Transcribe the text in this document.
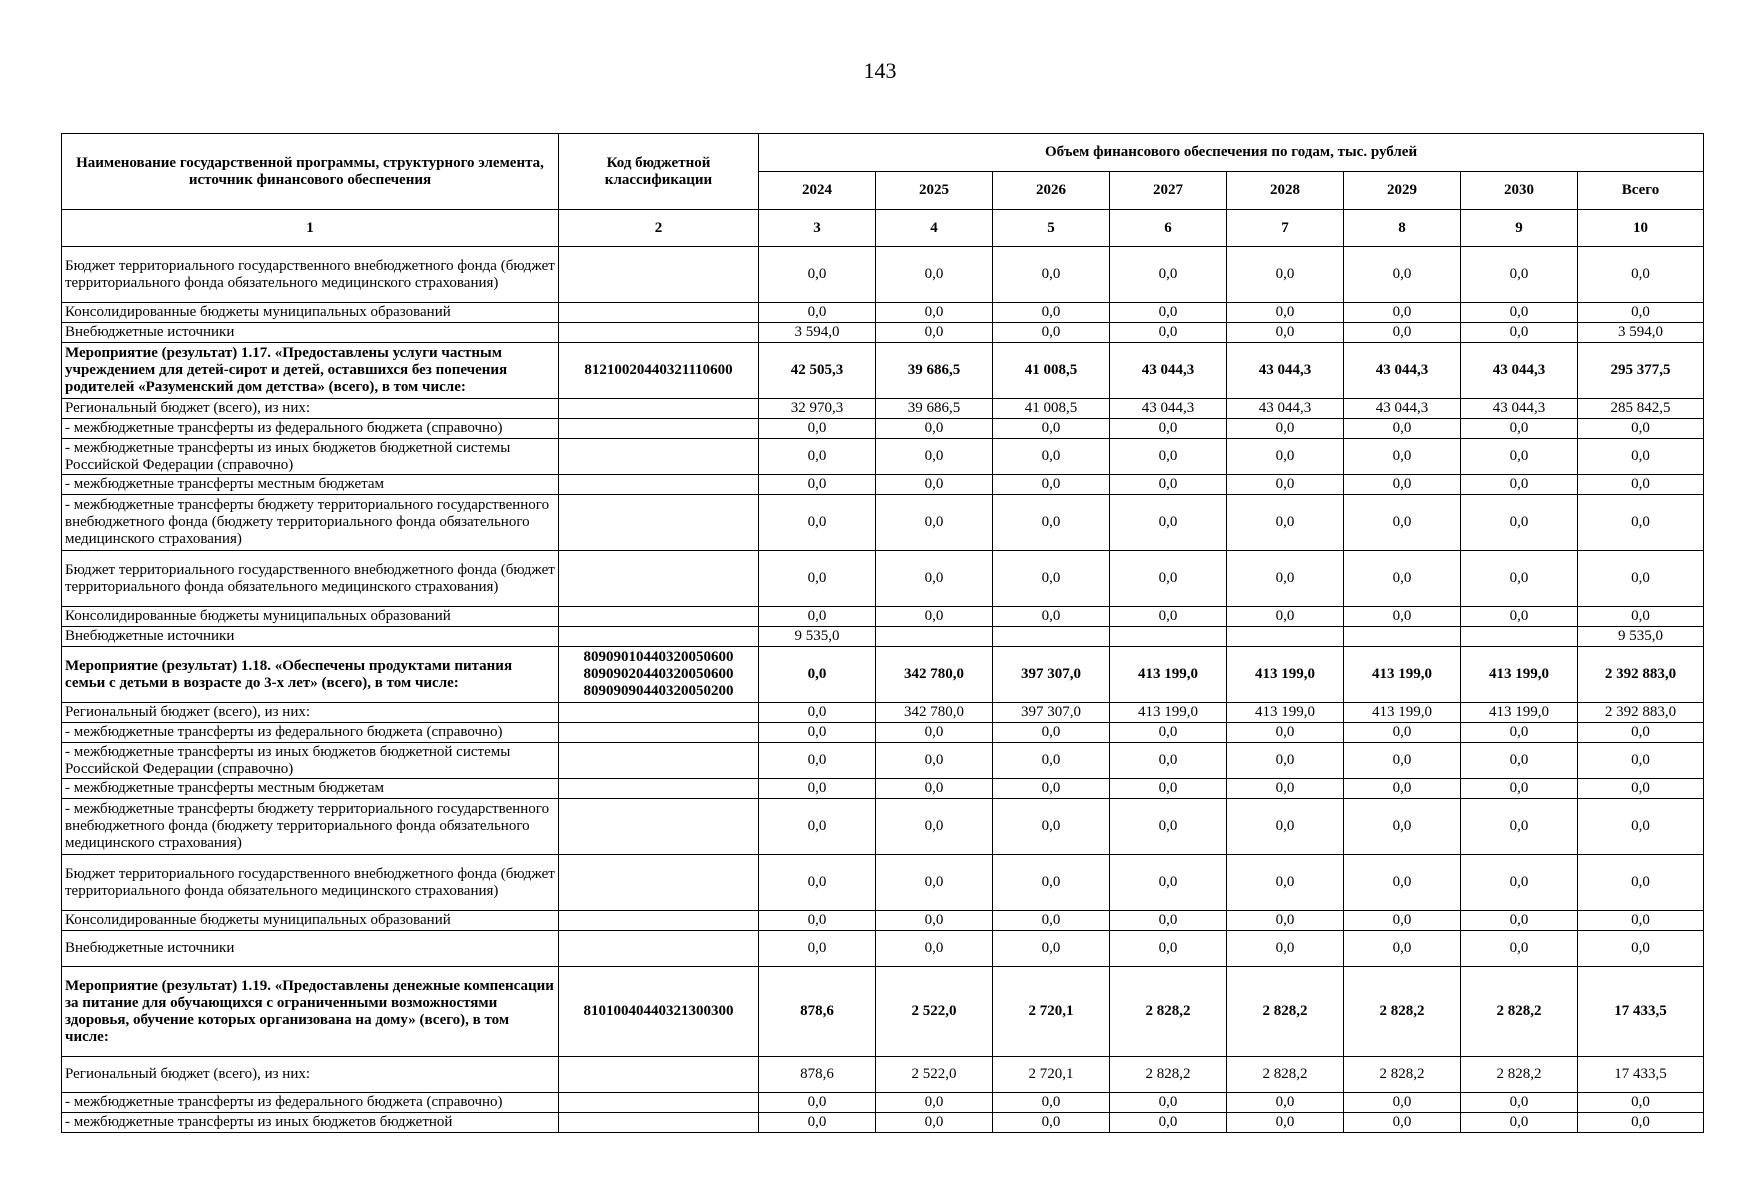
143
Наименование государственной программы, структурного элемента, источник финансового обеспечения	Код бюджетной классификации	Объем финансового обеспечения по годам, тыс. рублей							
		2024	2025	2026	2027	2028	2029	2030	Всего
1	2	3	4	5	6	7	8	9	10
Бюджет территориального государственного внебюджетного фонда (бюджет территориального фонда обязательного медицинского страхования)		0,0	0,0	0,0	0,0	0,0	0,0	0,0	0,0
Консолидированные бюджеты муниципальных образований		0,0	0,0	0,0	0,0	0,0	0,0	0,0	0,0
Внебюджетные источники		3 594,0	0,0	0,0	0,0	0,0	0,0	0,0	3 594,0
Мероприятие (результат) 1.17. «Предоставлены услуги частным учреждением для детей-сирот и детей, оставшихся без попечения родителей «Разуменский дом детства» (всего), в том числе:	81210020440321110600	42 505,3	39 686,5	41 008,5	43 044,3	43 044,3	43 044,3	43 044,3	295 377,5
Региональный бюджет (всего), из них:		32 970,3	39 686,5	41 008,5	43 044,3	43 044,3	43 044,3	43 044,3	285 842,5
- межбюджетные трансферты из федерального бюджета (справочно)		0,0	0,0	0,0	0,0	0,0	0,0	0,0	0,0
- межбюджетные трансферты из иных бюджетов бюджетной системы Российской Федерации (справочно)		0,0	0,0	0,0	0,0	0,0	0,0	0,0	0,0
- межбюджетные трансферты местным бюджетам		0,0	0,0	0,0	0,0	0,0	0,0	0,0	0,0
- межбюджетные трансферты бюджету территориального государственного внебюджетного фонда (бюджету территориального фонда обязательного медицинского страхования)		0,0	0,0	0,0	0,0	0,0	0,0	0,0	0,0
Бюджет территориального государственного внебюджетного фонда (бюджет территориального фонда обязательного медицинского страхования)		0,0	0,0	0,0	0,0	0,0	0,0	0,0	0,0
Консолидированные бюджеты муниципальных образований		0,0	0,0	0,0	0,0	0,0	0,0	0,0	0,0
Внебюджетные источники		9 535,0							9 535,0
Мероприятие (результат) 1.18. «Обеспечены продуктами питания семьи с детьми в возрасте до 3-х лет» (всего), в том числе:	80909010440320050600
80909020440320050600
80909090440320050200	0,0	342 780,0	397 307,0	413 199,0	413 199,0	413 199,0	413 199,0	2 392 883,0
Региональный бюджет (всего), из них:		0,0	342 780,0	397 307,0	413 199,0	413 199,0	413 199,0	413 199,0	2 392 883,0
- межбюджетные трансферты из федерального бюджета (справочно)		0,0	0,0	0,0	0,0	0,0	0,0	0,0	0,0
- межбюджетные трансферты из иных бюджетов бюджетной системы Российской Федерации (справочно)		0,0	0,0	0,0	0,0	0,0	0,0	0,0	0,0
- межбюджетные трансферты местным бюджетам		0,0	0,0	0,0	0,0	0,0	0,0	0,0	0,0
- межбюджетные трансферты бюджету территориального государственного внебюджетного фонда (бюджету территориального фонда обязательного медицинского страхования)		0,0	0,0	0,0	0,0	0,0	0,0	0,0	0,0
Бюджет территориального государственного внебюджетного фонда (бюджет территориального фонда обязательного медицинского страхования)		0,0	0,0	0,0	0,0	0,0	0,0	0,0	0,0
Консолидированные бюджеты муниципальных образований		0,0	0,0	0,0	0,0	0,0	0,0	0,0	0,0
Внебюджетные источники		0,0	0,0	0,0	0,0	0,0	0,0	0,0	0,0
Мероприятие (результат) 1.19. «Предоставлены денежные компенсации за питание для обучающихся с ограниченными возможностями здоровья, обучение которых организована на дому» (всего), в том числе:	81010040440321300300	878,6	2 522,0	2 720,1	2 828,2	2 828,2	2 828,2	2 828,2	17 433,5
Региональный бюджет (всего), из них:		878,6	2 522,0	2 720,1	2 828,2	2 828,2	2 828,2	2 828,2	17 433,5
- межбюджетные трансферты из федерального бюджета (справочно)		0,0	0,0	0,0	0,0	0,0	0,0	0,0	0,0
- межбюджетные трансферты из иных бюджетов бюджетной		0,0	0,0	0,0	0,0	0,0	0,0	0,0	0,0
